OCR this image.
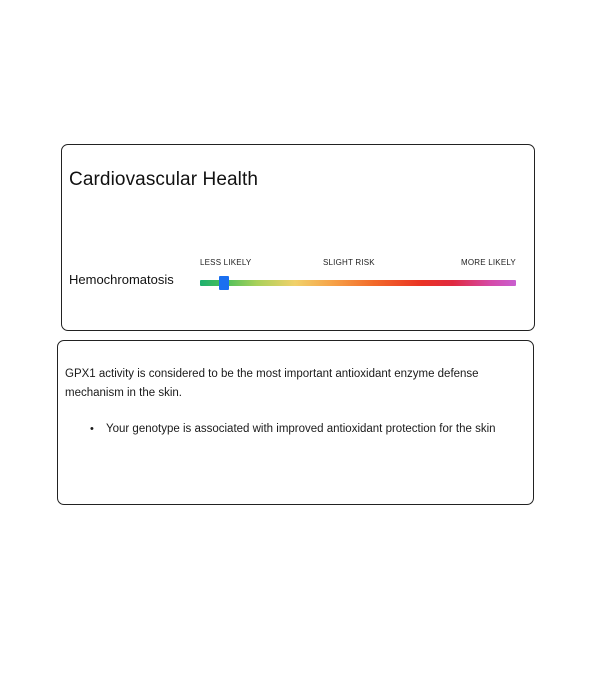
Cardiovascular Health
LESS LIKELY	SLIGHT RISK	MORE LIKELY
Hemochromatosis

GPX1 activity is considered to be the most important antioxidant enzyme defense mechanism in the skin.

• Your genotype is associated with improved antioxidant protection for the skin
